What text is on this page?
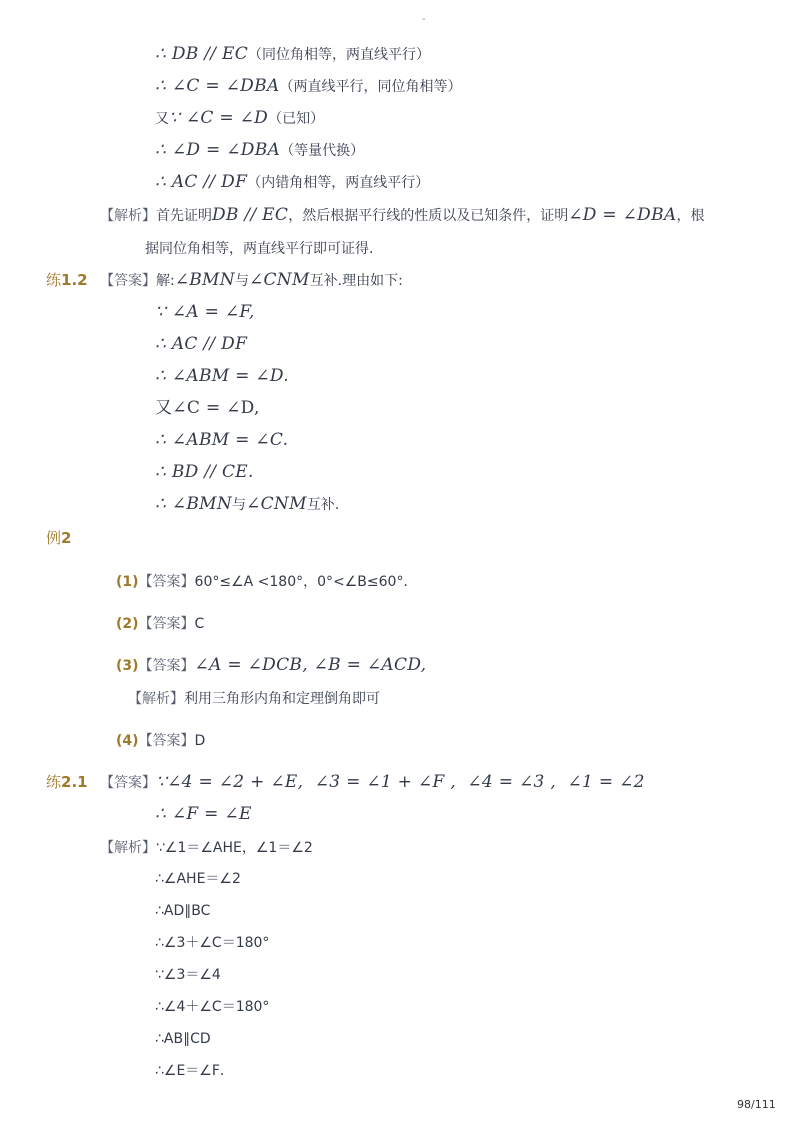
-
∴ DB // EC（同位角相等，两直线平行）
∴ ∠C = ∠DBA（两直线平行，同位角相等）
又∵ ∠C = ∠D（已知）
∴ ∠D = ∠DBA（等量代换）
∴ AC // DF（内错角相等，两直线平行）
【解析】首先证明DB // EC，然后根据平行线的性质以及已知条件，证明∠D = ∠DBA，根
据同位角相等，两直线平行即可证得．
练1.2 【答案】解:∠BMN与∠CNM互补.理由如下:
∵ ∠A = ∠F,
∴ AC // DF
∴ ∠ABM = ∠D.
又∠C = ∠D,
∴ ∠ABM = ∠C.
∴ BD // CE.
∴ ∠BMN与∠CNM互补.
例2
(1)【答案】60°≤∠A <180°，0°<∠B≤60°．
(2)【答案】C
(3)【答案】∠A = ∠DCB, ∠B = ∠ACD,
【解析】利用三角形内角和定理倒角即可
(4)【答案】D
练2.1 【答案】∵∠4 = ∠2 + ∠E,  ∠3 = ∠1 + ∠F ,  ∠4 = ∠3 ,  ∠1 = ∠2
∴ ∠F = ∠E
【解析】∵∠1＝∠AHE，∠1＝∠2
∴∠AHE＝∠2
∴AD∥BC
∴∠3＋∠C＝180°
∵∠3＝∠4
∴∠4＋∠C＝180°
∴AB∥CD
∴∠E＝∠F．
98/111
